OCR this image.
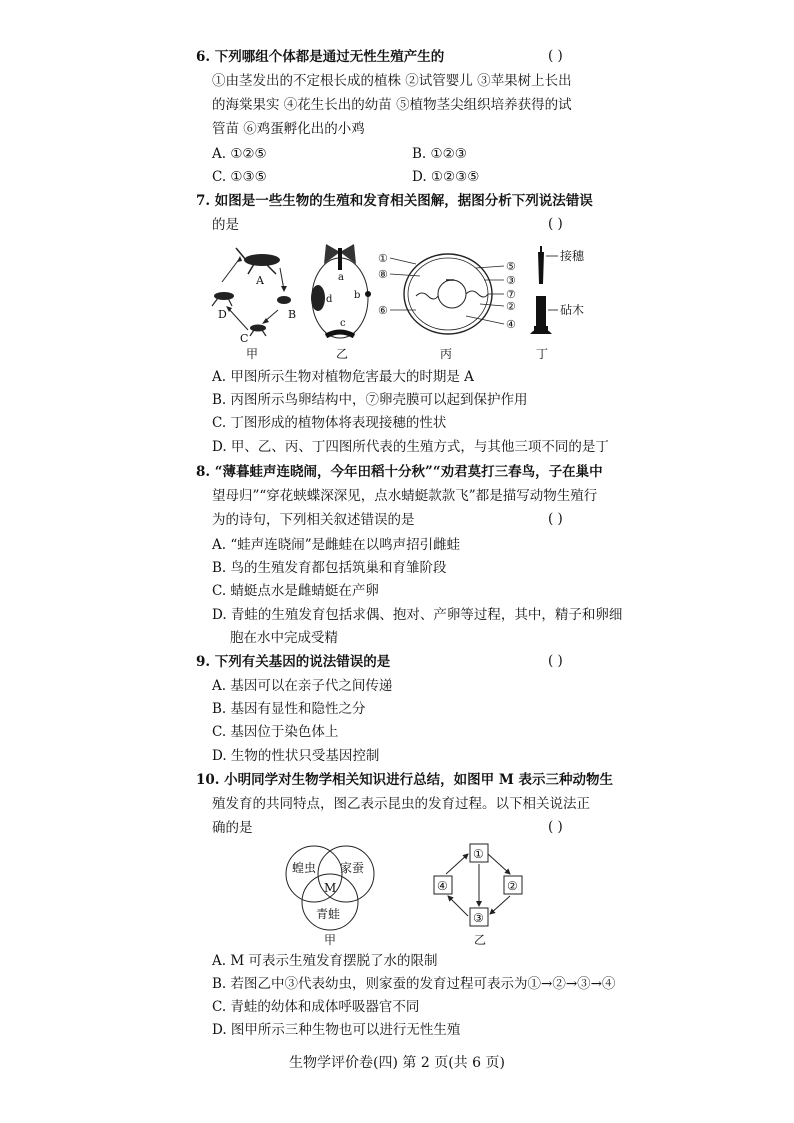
6. 下列哪组个体都是通过无性生殖产生的	( )
①由茎发出的不定根长成的植株 ②试管婴儿 ③苹果树上长出
的海棠果实 ④花生长出的幼苗 ⑤植物茎尖组织培养获得的试
管苗 ⑥鸡蛋孵化出的小鸡
A. ①②⑤	B. ①②③
C. ①③⑤	D. ①②③⑤
7. 如图是一些生物的生殖和发育相关图解，据图分析下列说法错误
的是	( )
A
B
C
D
甲
a
b
c
d
乙
①
⑧
⑥
⑤
③
⑦
②
④
丙
接穗
砧木
丁
A. 甲图所示生物对植物危害最大的时期是 A
B. 丙图所示鸟卵结构中，⑦卵壳膜可以起到保护作用
C. 丁图形成的植物体将表现接穗的性状
D. 甲、乙、丙、丁四图所代表的生殖方式，与其他三项不同的是丁
8. “薄暮蛙声连晓闹，今年田稻十分秋”“劝君莫打三春鸟，子在巢中
望母归”“穿花蛱蝶深深见，点水蜻蜓款款飞”都是描写动物生殖行
为的诗句，下列相关叙述错误的是	( )
A. “蛙声连晓闹”是雌蛙在以鸣声招引雌蛙
B. 鸟的生殖发育都包括筑巢和育雏阶段
C. 蜻蜓点水是雌蜻蜓在产卵
D. 青蛙的生殖发育包括求偶、抱对、产卵等过程，其中，精子和卵细
胞在水中完成受精
9. 下列有关基因的说法错误的是	( )
A. 基因可以在亲子代之间传递
B. 基因有显性和隐性之分
C. 基因位于染色体上
D. 生物的性状只受基因控制
10. 小明同学对生物学相关知识进行总结，如图甲 M 表示三种动物生
殖发育的共同特点，图乙表示昆虫的发育过程。以下相关说法正
确的是	( )
蝗虫 家蚕
青蛙
M
甲
①
②
③
④
乙
A. M 可表示生殖发育摆脱了水的限制
B. 若图乙中③代表幼虫，则家蚕的发育过程可表示为①→②→③→④
C. 青蛙的幼体和成体呼吸器官不同
D. 图甲所示三种生物也可以进行无性生殖
生物学评价卷(四) 第 2 页(共 6 页)
